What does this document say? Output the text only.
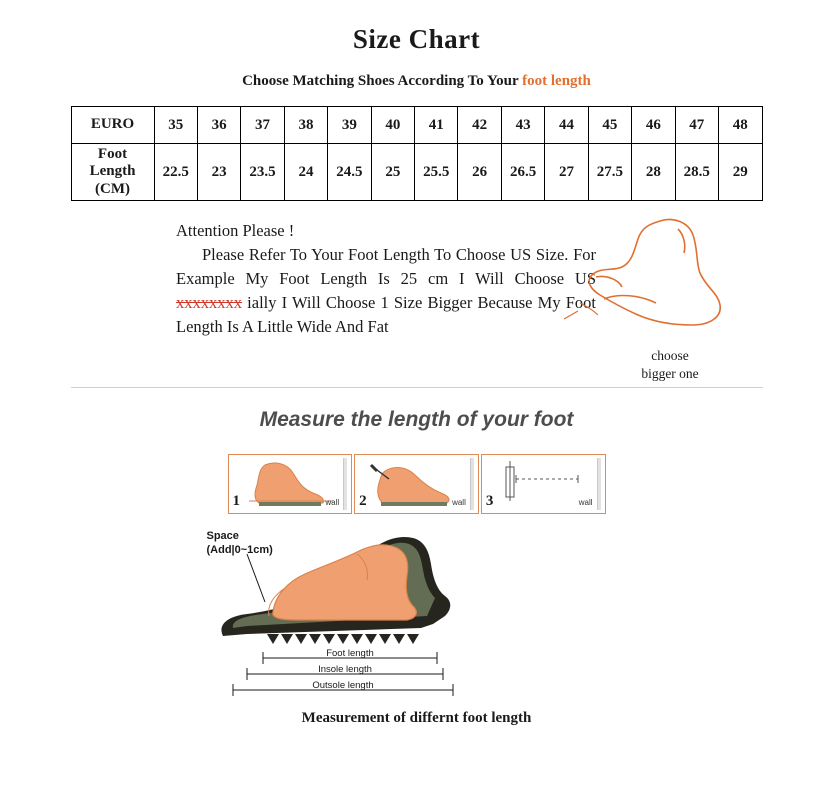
Size Chart
Choose Matching Shoes According To Your foot length
EURO	35	36	37	38	39	40	41	42	43	44	45	46	47	48

Foot
Length
(CM)	22.5	23	23.5	24	24.5	25	25.5	26	26.5	27	27.5	28	28.5	29
Attention Please !
Please Refer To Your Foot Length To Choose US Size. For Example My Foot Length Is 25 cm I Will Choose US xxxxxxxx ially I Will Choose 1 Size Bigger Because My Foot Length Is A Little Wide And Fat
choose
bigger one
Measure the length of your foot
1	wall 2	wall 3	wall
Foot length
Insole length
Outsole length
Space
(Add|0~1cm)
Measurement of differnt foot length
